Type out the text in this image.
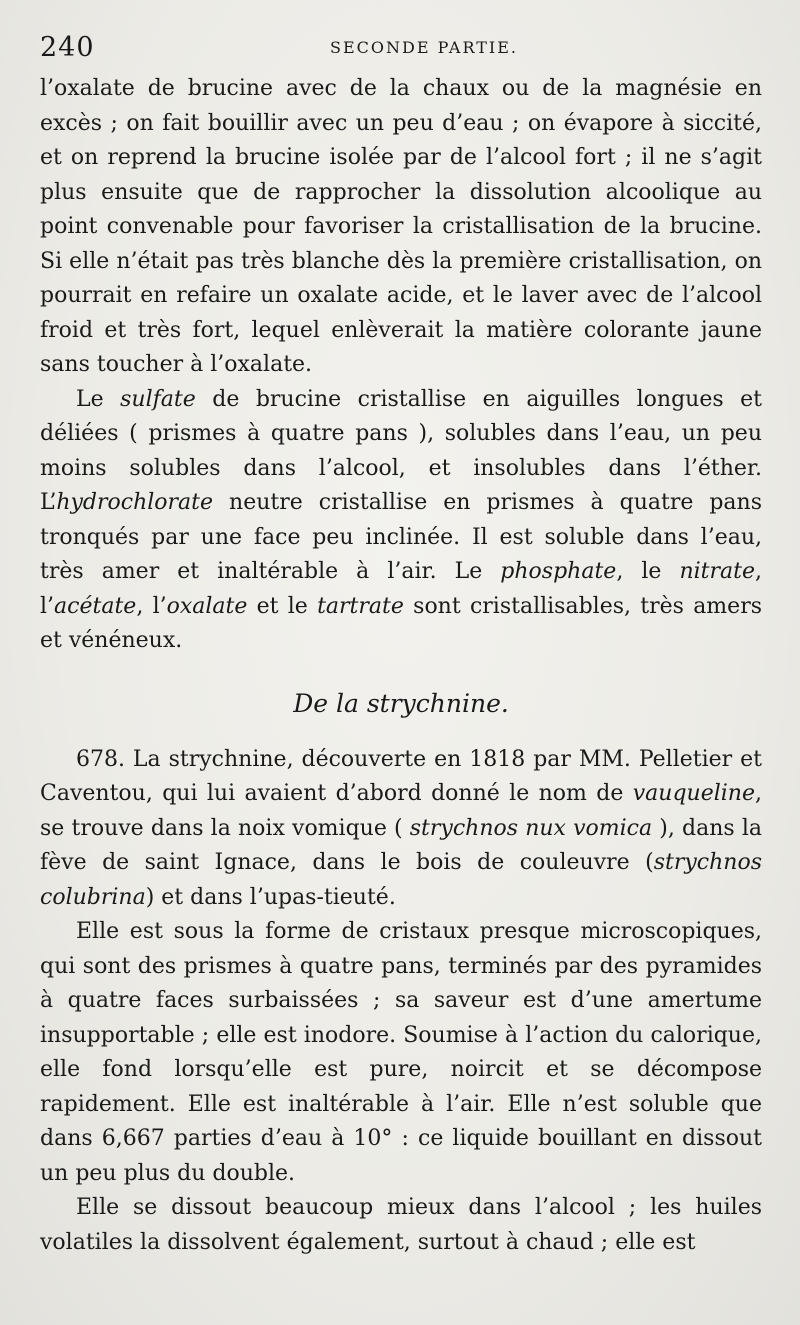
240	SECONDE PARTIE.

l’oxalate de brucine avec de la chaux ou de la magnésie en excès ; on fait bouillir avec un peu d’eau ; on évapore à siccité, et on reprend la brucine isolée par de l’alcool fort ; il ne s’agit plus ensuite que de rapprocher la dissolution alcoolique au point convenable pour favoriser la cristallisation de la brucine. Si elle n’était pas très blanche dès la première cristallisation, on pourrait en refaire un oxalate acide, et le laver avec de l’alcool froid et très fort, lequel enlèverait la matière colorante jaune sans toucher à l’oxalate.

Le sulfate de brucine cristallise en aiguilles longues et déliées ( prismes à quatre pans ), solubles dans l’eau, un peu moins solubles dans l’alcool, et insolubles dans l’éther. L’hydrochlorate neutre cristallise en prismes à quatre pans tronqués par une face peu inclinée. Il est soluble dans l’eau, très amer et inaltérable à l’air. Le phosphate, le nitrate, l’acétate, l’oxalate et le tartrate sont cristallisables, très amers et vénéneux.

De la strychnine.

678. La strychnine, découverte en 1818 par MM. Pelletier et Caventou, qui lui avaient d’abord donné le nom de vauqueline, se trouve dans la noix vomique ( strychnos nux vomica ), dans la fève de saint Ignace, dans le bois de couleuvre (strychnos colubrina) et dans l’upas-tieuté.

Elle est sous la forme de cristaux presque microscopiques, qui sont des prismes à quatre pans, terminés par des pyramides à quatre faces surbaissées ; sa saveur est d’une amertume insupportable ; elle est inodore. Soumise à l’action du calorique, elle fond lorsqu’elle est pure, noircit et se décompose rapidement. Elle est inaltérable à l’air. Elle n’est soluble que dans 6,667 parties d’eau à 10° : ce liquide bouillant en dissout un peu plus du double.

Elle se dissout beaucoup mieux dans l’alcool ; les huiles volatiles la dissolvent également, surtout à chaud ; elle est
